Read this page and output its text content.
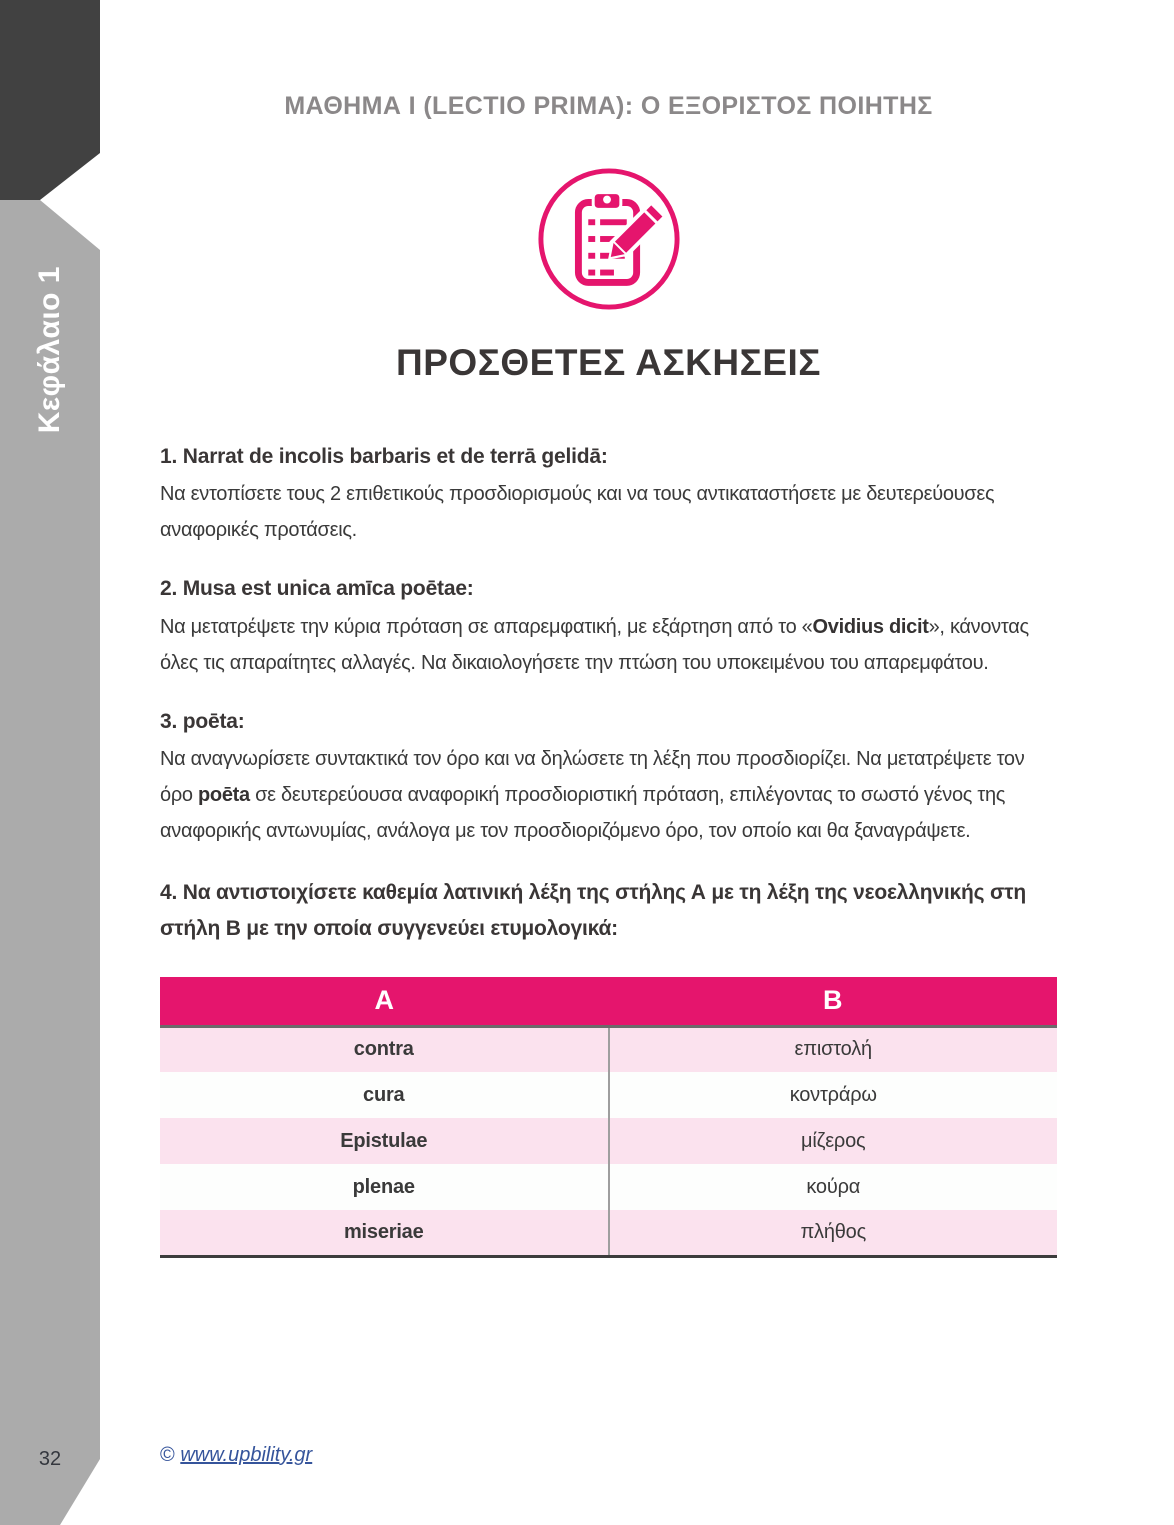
Κεφάλαιο 1
32
ΜΑΘΗΜΑ I (LECTIO PRIMA): Ο ΕΞΟΡΙΣΤΟΣ ΠΟΙΗΤΗΣ
ΠΡΟΣΘΕΤΕΣ ΑΣΚΗΣΕΙΣ
1. Narrat de incolis barbaris et de terrā gelidā:

Να εντοπίσετε τους 2 επιθετικούς προσδιορισμούς και να τους αντικαταστήσετε με δευτερεύουσες αναφορικές προτάσεις.

2. Musa est unica amīca poētae:

Να μετατρέψετε την κύρια πρόταση σε απαρεμφατική, με εξάρτηση από το «Ovidius dicit», κάνοντας όλες τις απαραίτητες αλλαγές. Να δικαιολογήσετε την πτώση του υποκειμένου του απαρεμφάτου.

3. poēta:

Να αναγνωρίσετε συντακτικά τον όρο και να δηλώσετε τη λέξη που προσδιορίζει. Να μετατρέψετε τον όρο poēta σε δευτερεύουσα αναφορική προσδιοριστική πρόταση, επιλέγοντας το σωστό γένος της αναφορικής αντωνυμίας, ανάλογα με τον προσδιοριζόμενο όρο, τον οποίο και θα ξαναγράψετε.

4. Να αντιστοιχίσετε καθεμία λατινική λέξη της στήλης Α με τη λέξη της νεοελληνικής στη στήλη Β με την οποία συγγενεύει ετυμολογικά:
Α	Β
contra	επιστολή
cura	κοντράρω
Epistulae	μίζερος
plenae	κούρα
miseriae	πλήθος
© www.upbility.gr
